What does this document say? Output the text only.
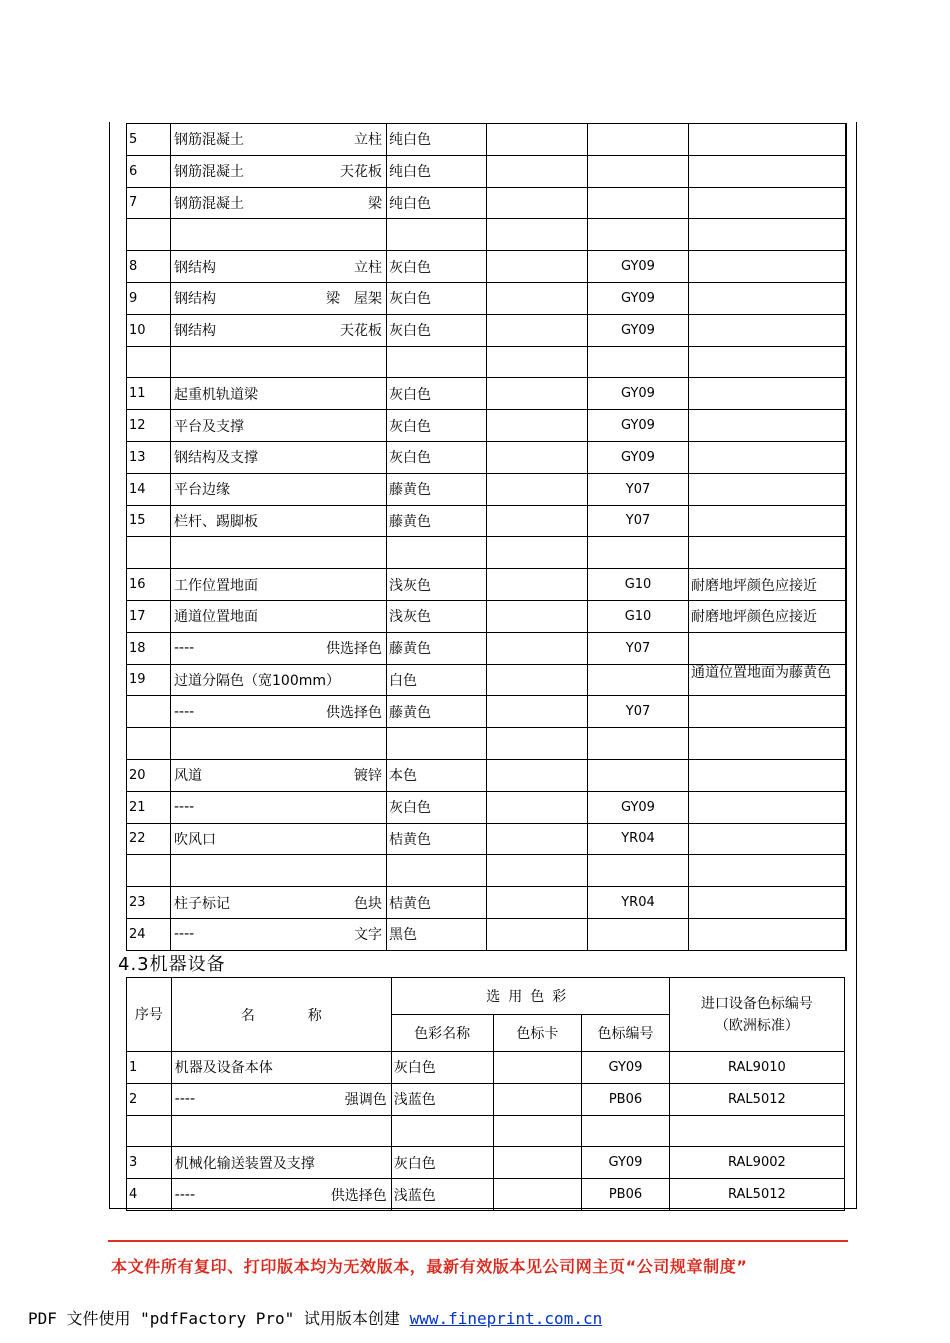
5	钢筋混凝土 立柱	纯白色			

6	钢筋混凝土 天花板	纯白色			

7	钢筋混凝土 梁	纯白色			

8	钢结构 立柱	灰白色		GY09	

9	钢结构 梁　屋架	灰白色		GY09	

10	钢结构 天花板	灰白色		GY09	

11	起重机轨道梁	灰白色		GY09	

12	平台及支撑	灰白色		GY09	

13	钢结构及支撑	灰白色		GY09	

14	平台边缘	藤黄色		Y07	

15	栏杆、踢脚板	藤黄色		Y07	

16	工作位置地面	浅灰色		G10	耐磨地坪颜色应接近

17	通道位置地面	浅灰色		G10	耐磨地坪颜色应接近

18	---- 供选择色	藤黄色		Y07	

19	过道分隔色（宽100mm）	白色			通道位置地面为藤黄色

	---- 供选择色	藤黄色		Y07	

20	风道 镀锌	本色			

21	----	灰白色		GY09	

22	吹风口	桔黄色		YR04	

23	柱子标记 色块	桔黄色		YR04	

24	---- 文字	黑色			
4.3机器设备
序号	名 称	选用色彩			进口设备色标编号
（欧洲标准）

		色彩名称	色标卡	色标编号	
1	机器及设备本体	灰白色		GY09	RAL9010
2	---- 强调色	浅蓝色		PB06	RAL5012

3	机械化输送装置及支撑	灰白色		GY09	RAL9002
4	---- 供选择色	浅蓝色		PB06	RAL5012
本文件所有复印、打印版本均为无效版本，最新有效版本见公司网主页“公司规章制度”
PDF 文件使用 "pdfFactory Pro" 试用版本创建 www.fineprint.com.cn
